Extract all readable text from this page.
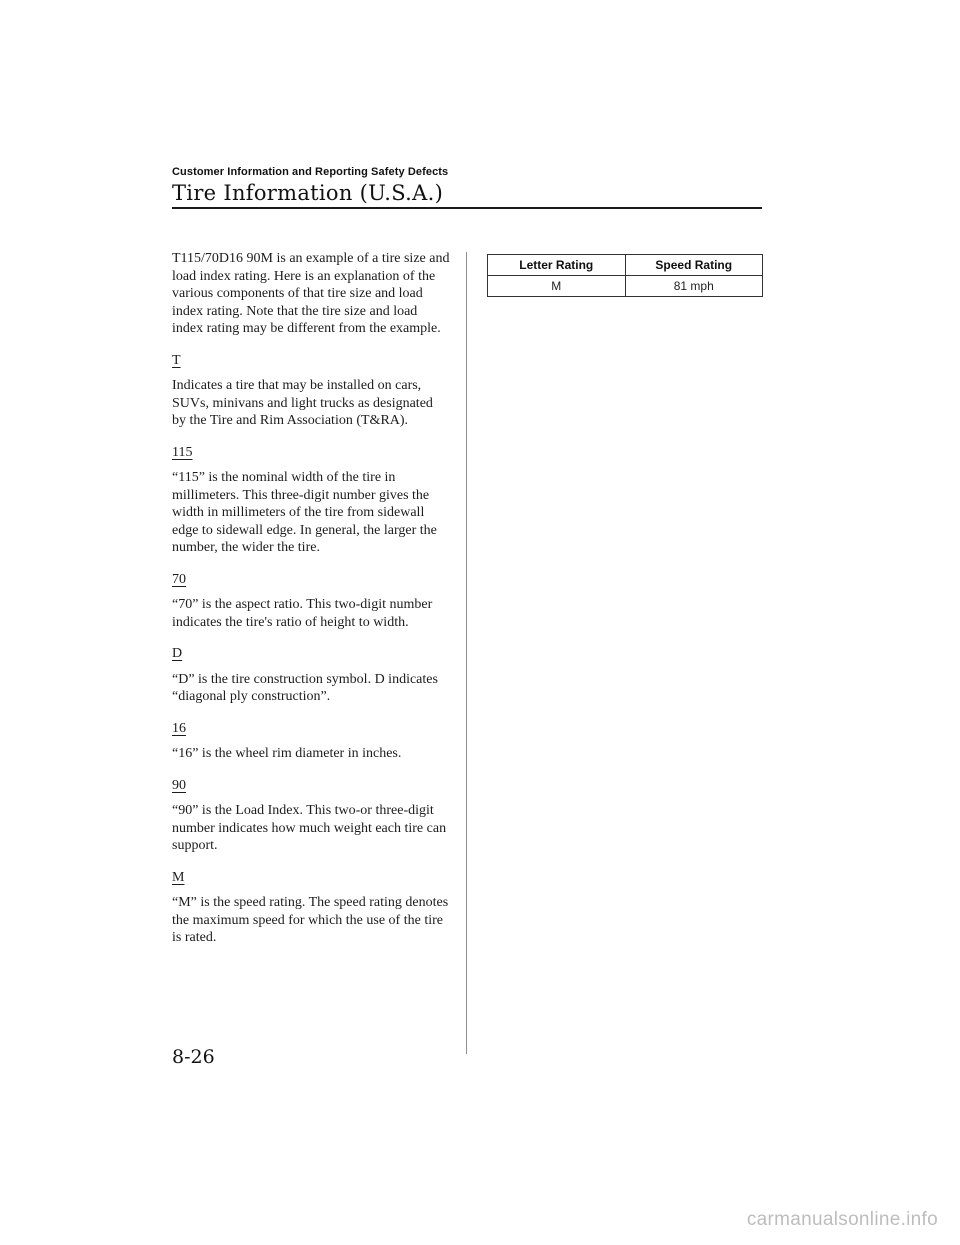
Customer Information and Reporting Safety Defects
Tire Information (U.S.A.)

T115/70D16 90M is an example of a tire size and load index rating. Here is an explanation of the various components of that tire size and load index rating. Note that the tire size and load index rating may be different from the example.

T

Indicates a tire that may be installed on cars, SUVs, minivans and light trucks as designated by the Tire and Rim Association (T&RA).

115

“115” is the nominal width of the tire in millimeters. This three-digit number gives the width in millimeters of the tire from sidewall edge to sidewall edge. In general, the larger the number, the wider the tire.

70

“70” is the aspect ratio. This two-digit number indicates the tire's ratio of height to width.

D

“D” is the tire construction symbol. D indicates “diagonal ply construction”.

16

“16” is the wheel rim diameter in inches.

90

“90” is the Load Index. This two-or three-digit number indicates how much weight each tire can support.

M

“M” is the speed rating. The speed rating denotes the maximum speed for which the use of the tire is rated.

Letter Rating	Speed Rating
M	81 mph
8-26
carmanualsonline.info
